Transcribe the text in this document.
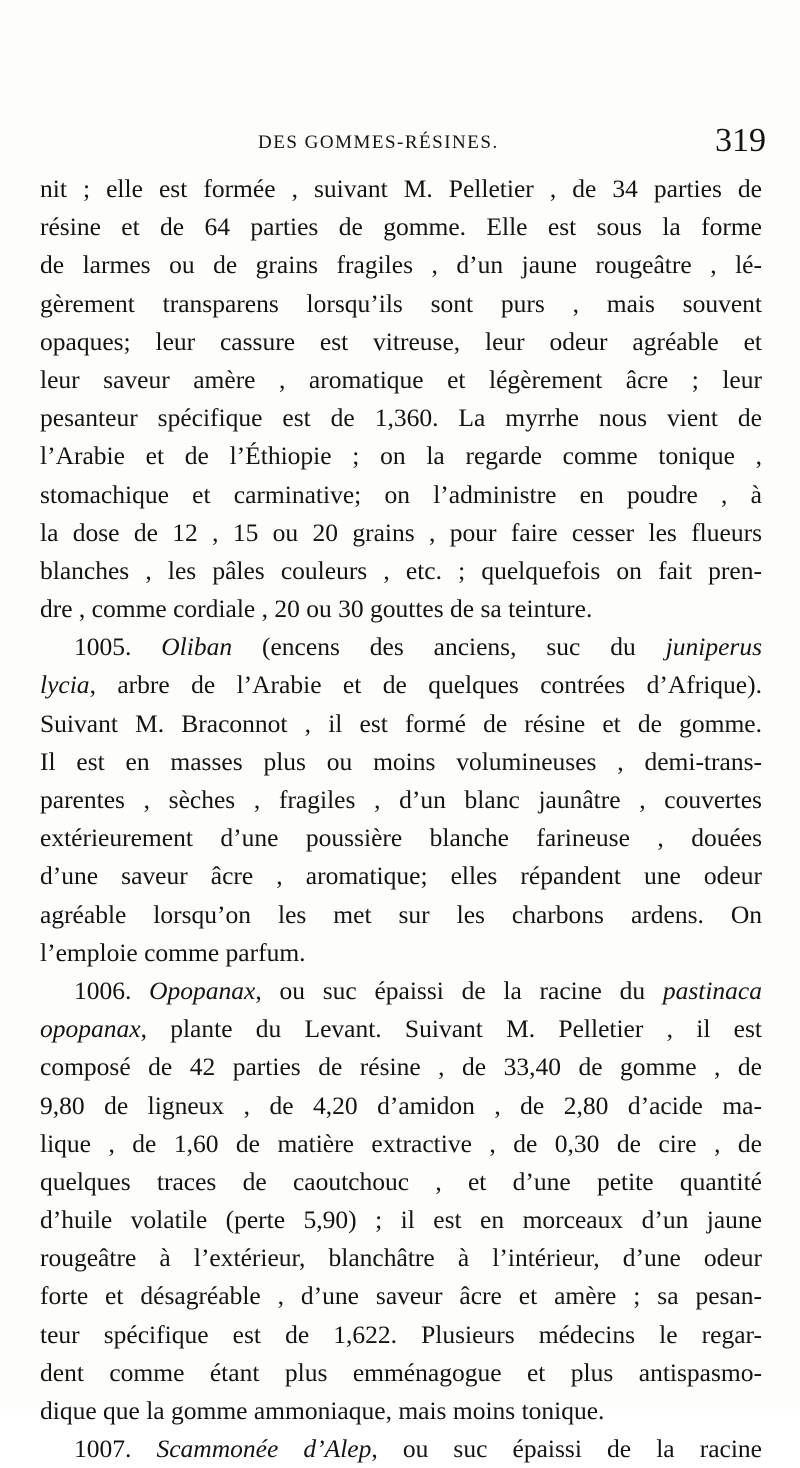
DES GOMMES-RÉSINES.	319
nit ; elle est formée , suivant M. Pelletier , de 34 parties de
résine et de 64 parties de gomme. Elle est sous la forme
de larmes ou de grains fragiles , d’un jaune rougeâtre , lé-
gèrement transparens lorsqu’ils sont purs , mais souvent
opaques; leur cassure est vitreuse, leur odeur agréable et
leur saveur amère , aromatique et légèrement âcre ; leur
pesanteur spécifique est de 1,360. La myrrhe nous vient de
l’Arabie et de l’Éthiopie ; on la regarde comme tonique ,
stomachique et carminative; on l’administre en poudre , à
la dose de 12 , 15 ou 20 grains , pour faire cesser les flueurs
blanches , les pâles couleurs , etc. ; quelquefois on fait pren-
dre , comme cordiale , 20 ou 30 gouttes de sa teinture.
1005. Oliban (encens des anciens, suc du juniperus
lycia, arbre de l’Arabie et de quelques contrées d’Afrique).
Suivant M. Braconnot , il est formé de résine et de gomme.
Il est en masses plus ou moins volumineuses , demi-trans-
parentes , sèches , fragiles , d’un blanc jaunâtre , couvertes
extérieurement d’une poussière blanche farineuse , douées
d’une saveur âcre , aromatique; elles répandent une odeur
agréable lorsqu’on les met sur les charbons ardens. On
l’emploie comme parfum.
1006. Opopanax, ou suc épaissi de la racine du pastinaca
opopanax, plante du Levant. Suivant M. Pelletier , il est
composé de 42 parties de résine , de 33,40 de gomme , de
9,80 de ligneux , de 4,20 d’amidon , de 2,80 d’acide ma-
lique , de 1,60 de matière extractive , de 0,30 de cire , de
quelques traces de caoutchouc , et d’une petite quantité
d’huile volatile (perte 5,90) ; il est en morceaux d’un jaune
rougeâtre à l’extérieur, blanchâtre à l’intérieur, d’une odeur
forte et désagréable , d’une saveur âcre et amère ; sa pesan-
teur spécifique est de 1,622. Plusieurs médecins le regar-
dent comme étant plus emménagogue et plus antispasmo-
dique que la gomme ammoniaque, mais moins tonique.
1007. Scammonée d’Alep, ou suc épaissi de la racine
